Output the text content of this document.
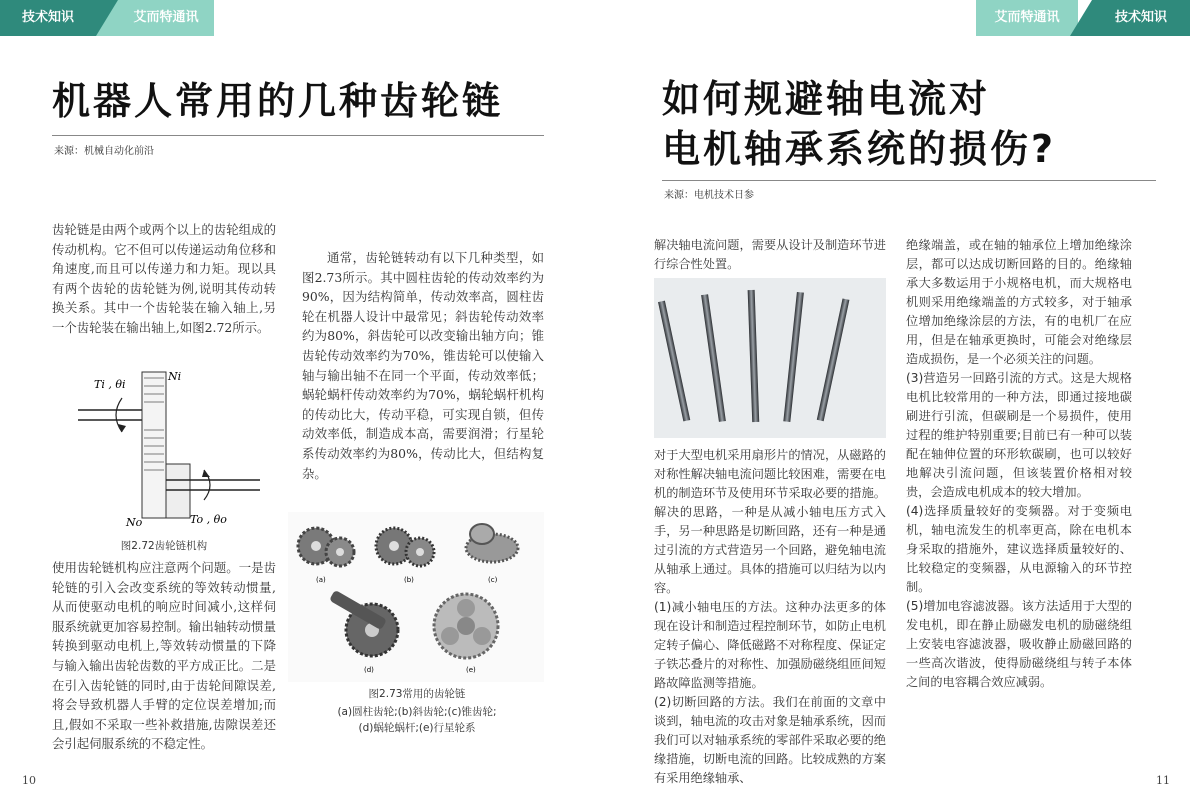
技术知识	艾而特通讯	艾而特通讯	技术知识
机器人常用的几种齿轮链
来源：机械自动化前沿

齿轮链是由两个或两个以上的齿轮组成的传动机构。它不但可以传递运动角位移和角速度,而且可以传递力和力矩。现以具有两个齿轮的齿轮链为例,说明其传动转换关系。其中一个齿轮装在输入轴上,另一个齿轮装在输出轴上,如图2.72所示。

Ti , θi
Ni
No	To , θo
图2.72齿轮链机构

使用齿轮链机构应注意两个问题。一是齿轮链的引入会改变系统的等效转动惯量,从而使驱动电机的响应时间减小,这样伺服系统就更加容易控制。输出轴转动惯量转换到驱动电机上,等效转动惯量的下降与输入输出齿轮齿数的平方成正比。二是在引入齿轮链的同时,由于齿轮间隙误差,将会导致机器人手臂的定位误差增加;而且,假如不采取一些补救措施,齿隙误差还会引起伺服系统的不稳定性。

通常，齿轮链转动有以下几种类型，如图2.73所示。其中圆柱齿轮的传动效率约为90%，因为结构简单，传动效率高，圆柱齿轮在机器人设计中最常见；斜齿轮传动效率约为80%，斜齿轮可以改变输出轴方向；锥齿轮传动效率约为70%，锥齿轮可以使输入轴与输出轴不在同一个平面，传动效率低；蜗轮蜗杆传动效率约为70%，蜗轮蜗杆机构的传动比大，传动平稳，可实现自锁，但传动效率低，制造成本高，需要润滑；行星轮系传动效率约为80%，传动比大，但结构复杂。

(a)	(b)	(c)
(d)	(e)
图2.73常用的齿轮链
(a)圆柱齿轮;(b)斜齿轮;(c)锥齿轮;
(d)蜗轮蜗杆;(e)行星轮系
10
如何规避轴电流对
电机轴承系统的损伤?
来源：电机技术日参

解决轴电流问题，需要从设计及制造环节进行综合性处置。

对于大型电机采用扇形片的情况，从磁路的对称性解决轴电流问题比较困难，需要在电机的制造环节及使用环节采取必要的措施。解决的思路，一种是从减小轴电压方式入手，另一种思路是切断回路，还有一种是通过引流的方式营造另一个回路，避免轴电流从轴承上通过。具体的措施可以归结为以内容。

(1)减小轴电压的方法。这种办法更多的体现在设计和制造过程控制环节，如防止电机定转子偏心、降低磁路不对称程度、保证定子铁芯叠片的对称性、加强励磁绕组匝间短路故障监测等措施。

(2)切断回路的方法。我们在前面的文章中谈到，轴电流的攻击对象是轴承系统，因而我们可以对轴承系统的零部件采取必要的绝缘措施，切断电流的回路。比较成熟的方案有采用绝缘轴承、

绝缘端盖，或在轴的轴承位上增加绝缘涂层，都可以达成切断回路的目的。绝缘轴承大多数运用于小规格电机，而大规格电机则采用绝缘端盖的方式较多，对于轴承位增加绝缘涂层的方法，有的电机厂在应用，但是在轴承更换时，可能会对绝缘层造成损伤，是一个必须关注的问题。

(3)营造另一回路引流的方式。这是大规格电机比较常用的一种方法，即通过接地碳刷进行引流，但碳刷是一个易损件，使用过程的维护特别重要;目前已有一种可以装配在轴伸位置的环形软碳刷，也可以较好地解决引流问题，但该装置价格相对较贵，会造成电机成本的较大增加。

(4)选择质量较好的变频器。对于变频电机，轴电流发生的机率更高，除在电机本身采取的措施外，建议选择质量较好的、比较稳定的变频器，从电源输入的环节控制。

(5)增加电容滤波器。该方法适用于大型的发电机，即在静止励磁发电机的励磁绕组上安装电容滤波器，吸收静止励磁回路的一些高次谐波，使得励磁绕组与转子本体之间的电容耦合效应减弱。

11
